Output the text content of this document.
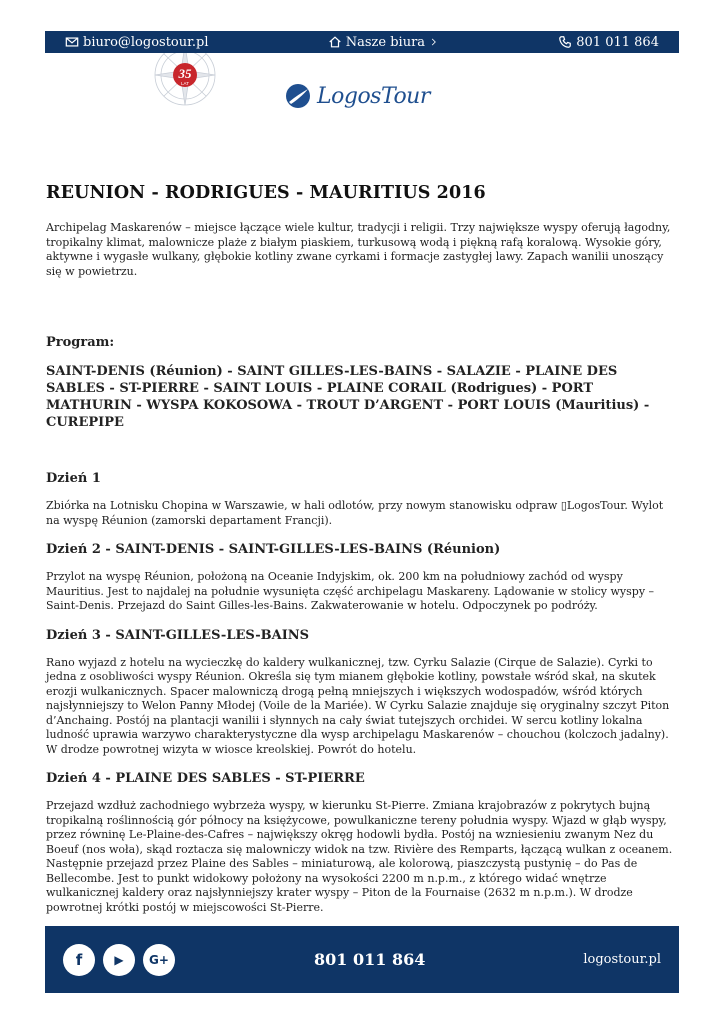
biuro@logostour.pl	Nasze biura	801 011 864
35
LAT	LogosTour
REUNION - RODRIGUES - MAURITIUS 2016

Archipelag Maskarenów – miejsce łączące wiele kultur, tradycji i religii. Trzy największe wyspy oferują łagodny, tropikalny klimat, malownicze plaże z białym piaskiem, turkusową wodą i piękną rafą koralową. Wysokie góry, aktywne i wygasłe wulkany, głębokie kotliny zwane cyrkami i formacje zastygłej lawy. Zapach wanilii unoszący się w powietrzu.

Program:
SAINT-DENIS (Réunion) - SAINT GILLES-LES-BAINS - SALAZIE - PLAINE DES SABLES - ST-PIERRE - SAINT LOUIS - PLAINE CORAIL (Rodrigues) - PORT MATHURIN - WYSPA KOKOSOWA - TROUT D’ARGENT - PORT LOUIS (Mauritius) - CUREPIPE
Dzień 1

Zbiórka na Lotnisku Chopina w Warszawie, w hali odlotów, przy nowym stanowisku odpraw ▯LogosTour. Wylot na wyspę Réunion (zamorski departament Francji).

Dzień 2 - SAINT-DENIS - SAINT-GILLES-LES-BAINS (Réunion)

Przylot na wyspę Réunion, położoną na Oceanie Indyjskim, ok. 200 km na południowy zachód od wyspy Mauritius. Jest to najdalej na południe wysunięta część archipelagu Maskareny. Lądowanie w stolicy wyspy – Saint-Denis. Przejazd do Saint Gilles-les-Bains. Zakwaterowanie w hotelu. Odpoczynek po podróży.

Dzień 3 - SAINT-GILLES-LES-BAINS

Rano wyjazd z hotelu na wycieczkę do kaldery wulkanicznej, tzw. Cyrku Salazie (Cirque de Salazie). Cyrki to jedna z osobliwości wyspy Réunion. Określa się tym mianem głębokie kotliny, powstałe wśród skał, na skutek erozji wulkanicznych. Spacer malowniczą drogą pełną mniejszych i większych wodospadów, wśród których najsłynniejszy to Welon Panny Młodej (Voile de la Mariée). W Cyrku Salazie znajduje się oryginalny szczyt Piton d’Anchaing. Postój na plantacji wanilii i słynnych na cały świat tutejszych orchidei. W sercu kotliny lokalna ludność uprawia warzywo charakterystyczne dla wysp archipelagu Maskarenów – chouchou (kolczoch jadalny). W drodze powrotnej wizyta w wiosce kreolskiej. Powrót do hotelu.

Dzień 4 - PLAINE DES SABLES - ST-PIERRE

Przejazd wzdłuż zachodniego wybrzeża wyspy, w kierunku St-Pierre. Zmiana krajobrazów z pokrytych bujną tropikalną roślinnością gór północy na księżycowe, powulkaniczne tereny południa wyspy. Wjazd w głąb wyspy, przez równinę Le-Plaine-des-Cafres – największy okręg hodowli bydła. Postój na wzniesieniu zwanym Nez du Boeuf (nos woła), skąd roztacza się malowniczy widok na tzw. Rivière des Remparts, łączącą wulkan z oceanem. Następnie przejazd przez Plaine des Sables – miniaturową, ale kolorową, piaszczystą pustynię – do Pas de Bellecombe. Jest to punkt widokowy położony na wysokości 2200 m n.p.m., z którego widać wnętrze wulkanicznej kaldery oraz najsłynniejszy krater wyspy – Piton de la Fournaise (2632 m n.p.m.). W drodze powrotnej krótki postój w miejscowości St-Pierre.

f	▶	G+	801 011 864	logostour.pl
